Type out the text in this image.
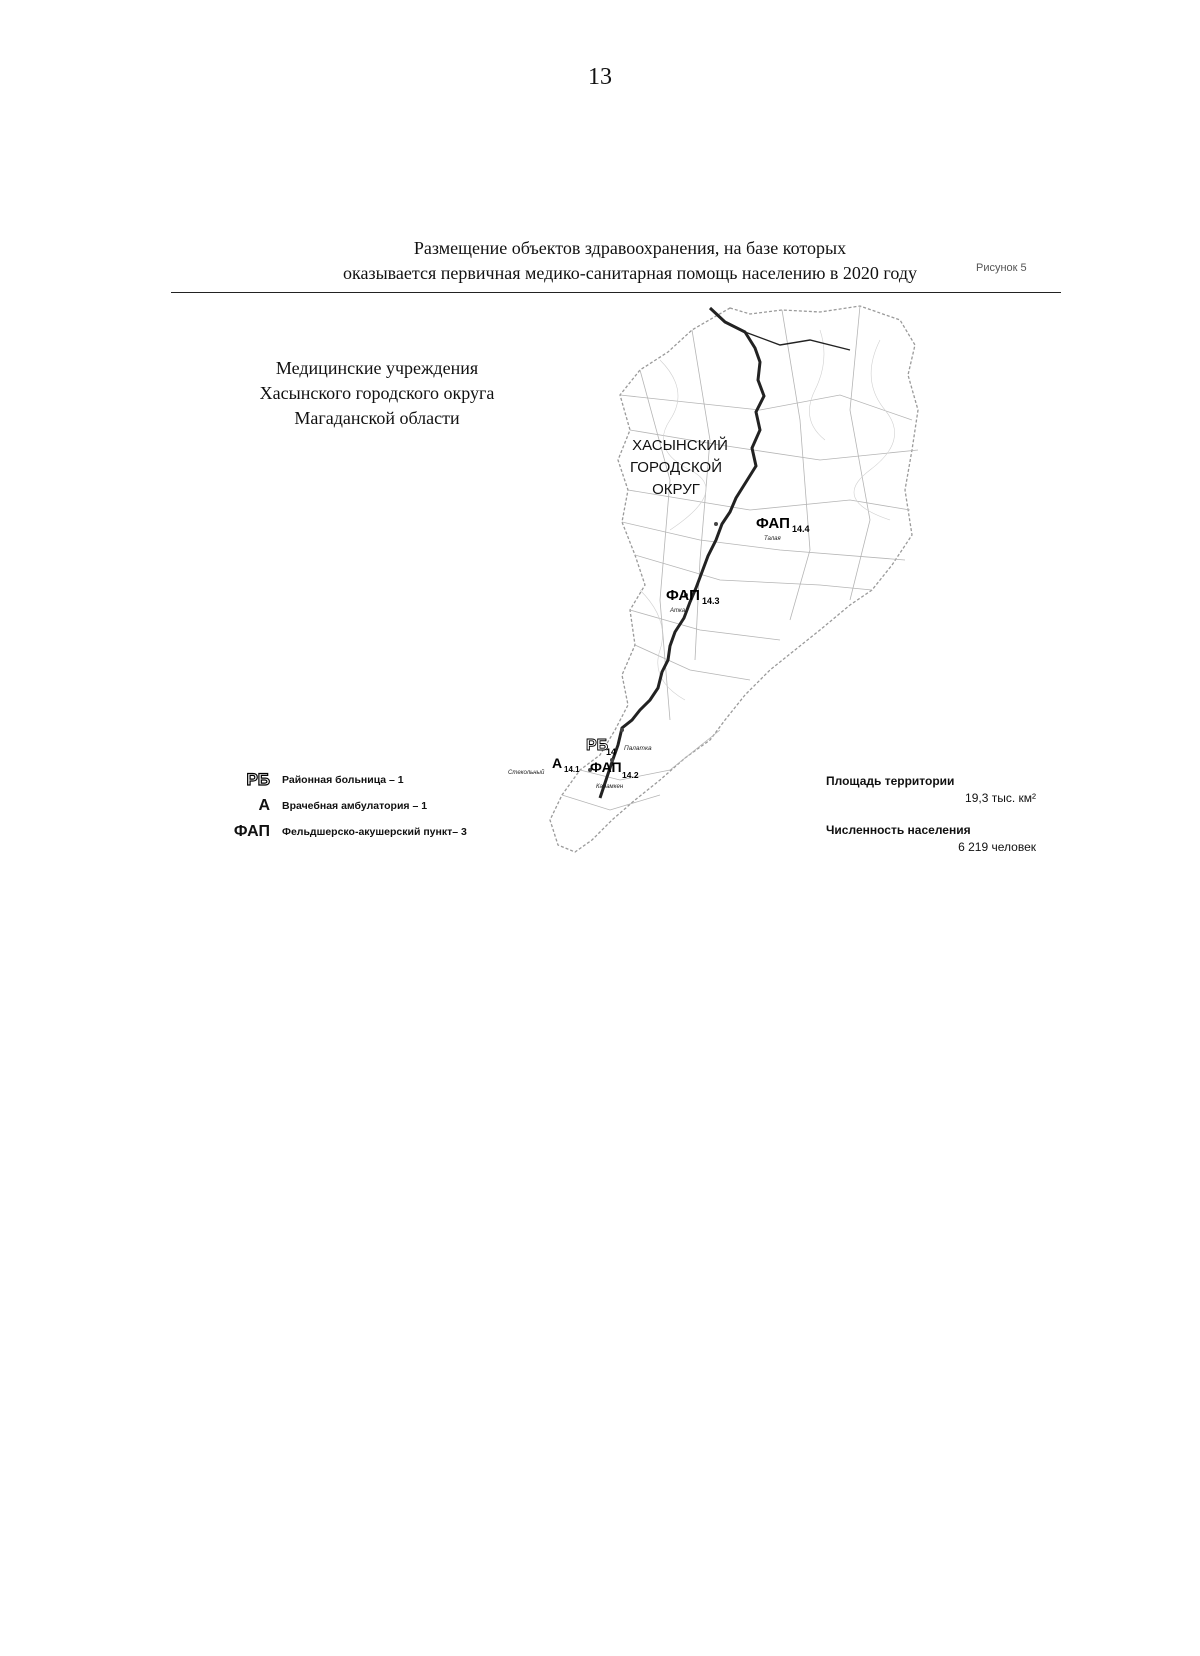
13
Размещение объектов здравоохранения, на базе которых
оказывается первичная медико-санитарная помощь населению в 2020 году	Рисунок 5
Медицинские учреждения
Хасынского городского округа
Магаданской области
ХАСЫНСКИЙ
ГОРОДСКОЙ
ОКРУГ
ФАП 14.4
Талая
ФАП 14.3
Атка
РБ
14 Палатка
А 14.1
Стекольный	ФАП 14.2
Карамкен
РБ Районная больница – 1
А Врачебная амбулатория – 1
ФАП Фельдшерско-акушерский пункт– 3
Площадь территории
19,3 тыс. км²
Численность населения
6 219 человек
